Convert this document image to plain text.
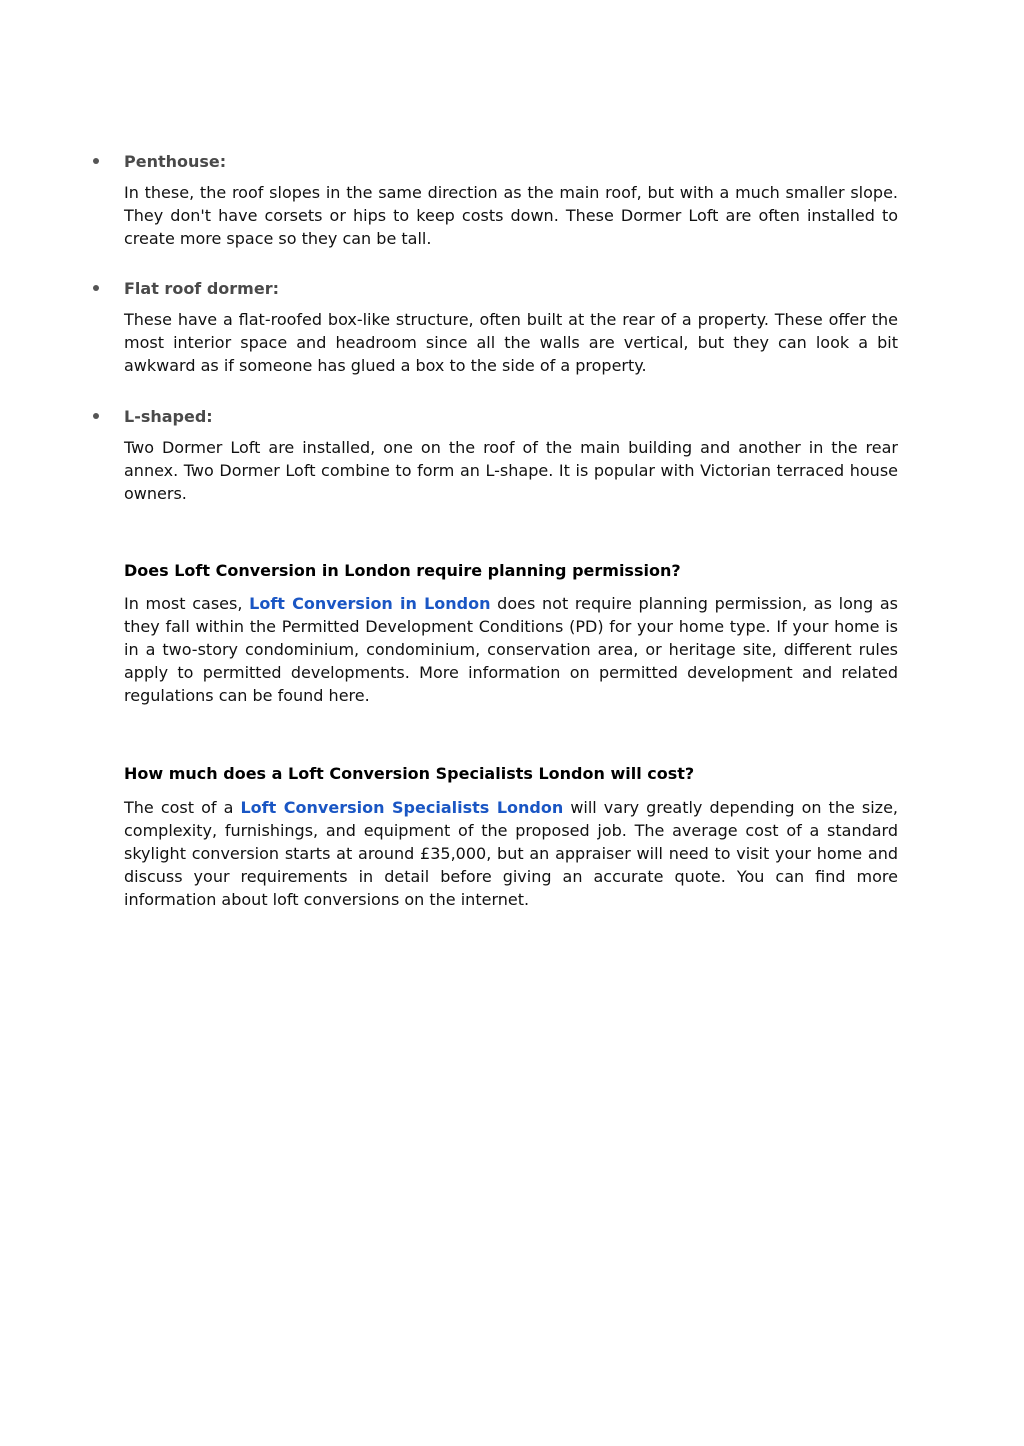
Penthouse:

In these, the roof slopes in the same direction as the main roof, but with a much smaller slope. They don't have corsets or hips to keep costs down. These Dormer Loft are often installed to create more space so they can be tall.

Flat roof dormer:

These have a flat-roofed box-like structure, often built at the rear of a property. These offer the most interior space and headroom since all the walls are vertical, but they can look a bit awkward as if someone has glued a box to the side of a property.

L-shaped:

Two Dormer Loft are installed, one on the roof of the main building and another in the rear annex. Two Dormer Loft combine to form an L-shape. It is popular with Victorian terraced house owners.

Does Loft Conversion in London require planning permission?

In most cases, Loft Conversion in London does not require planning permission, as long as they fall within the Permitted Development Conditions (PD) for your home type. If your home is in a two-story condominium, condominium, conservation area, or heritage site, different rules apply to permitted developments. More information on permitted development and related regulations can be found here.

How much does a Loft Conversion Specialists London will cost?

The cost of a Loft Conversion Specialists London will vary greatly depending on the size, complexity, furnishings, and equipment of the proposed job. The average cost of a standard skylight conversion starts at around £35,000, but an appraiser will need to visit your home and discuss your requirements in detail before giving an accurate quote. You can find more information about loft conversions on the internet.
